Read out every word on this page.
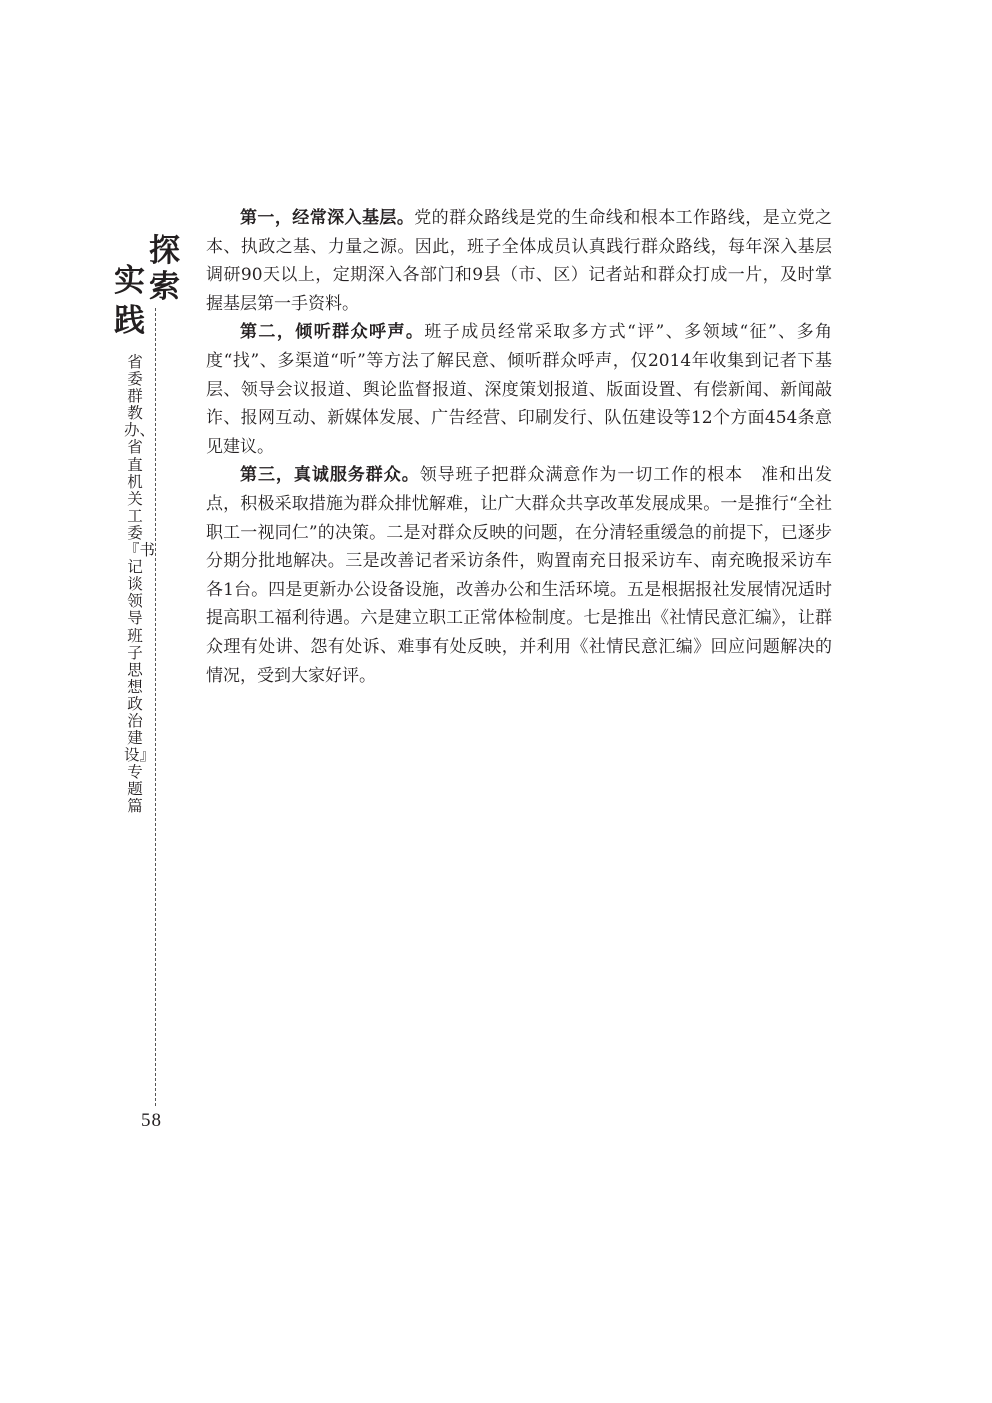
探
索
实
践
省委群教办、省直机关工委『书记谈领导班子思想政治建设』专题篇
58

第一，经常深入基层。党的群众路线是党的生命线和根本工作路线，是立党之本、执政之基、力量之源。因此，班子全体成员认真践行群众路线，每年深入基层调研90天以上，定期深入各部门和9县（市、区）记者站和群众打成一片，及时掌握基层第一手资料。

第二，倾听群众呼声。班子成员经常采取多方式“评”、多领域“征”、多角度“找”、多渠道“听”等方法了解民意、倾听群众呼声，仅2014年收集到记者下基层、领导会议报道、舆论监督报道、深度策划报道、版面设置、有偿新闻、新闻敲诈、报网互动、新媒体发展、广告经营、印刷发行、队伍建设等12个方面454条意见建议。

第三，真诚服务群众。领导班子把群众满意作为一切工作的根本　准和出发点，积极采取措施为群众排忧解难，让广大群众共享改革发展成果。一是推行“全社职工一视同仁”的决策。二是对群众反映的问题，在分清轻重缓急的前提下，已逐步分期分批地解决。三是改善记者采访条件，购置南充日报采访车、南充晚报采访车各1台。四是更新办公设备设施，改善办公和生活环境。五是根据报社发展情况适时提高职工福利待遇。六是建立职工正常体检制度。七是推出《社情民意汇编》，让群众理有处讲、怨有处诉、难事有处反映，并利用《社情民意汇编》回应问题解决的情况，受到大家好评。
